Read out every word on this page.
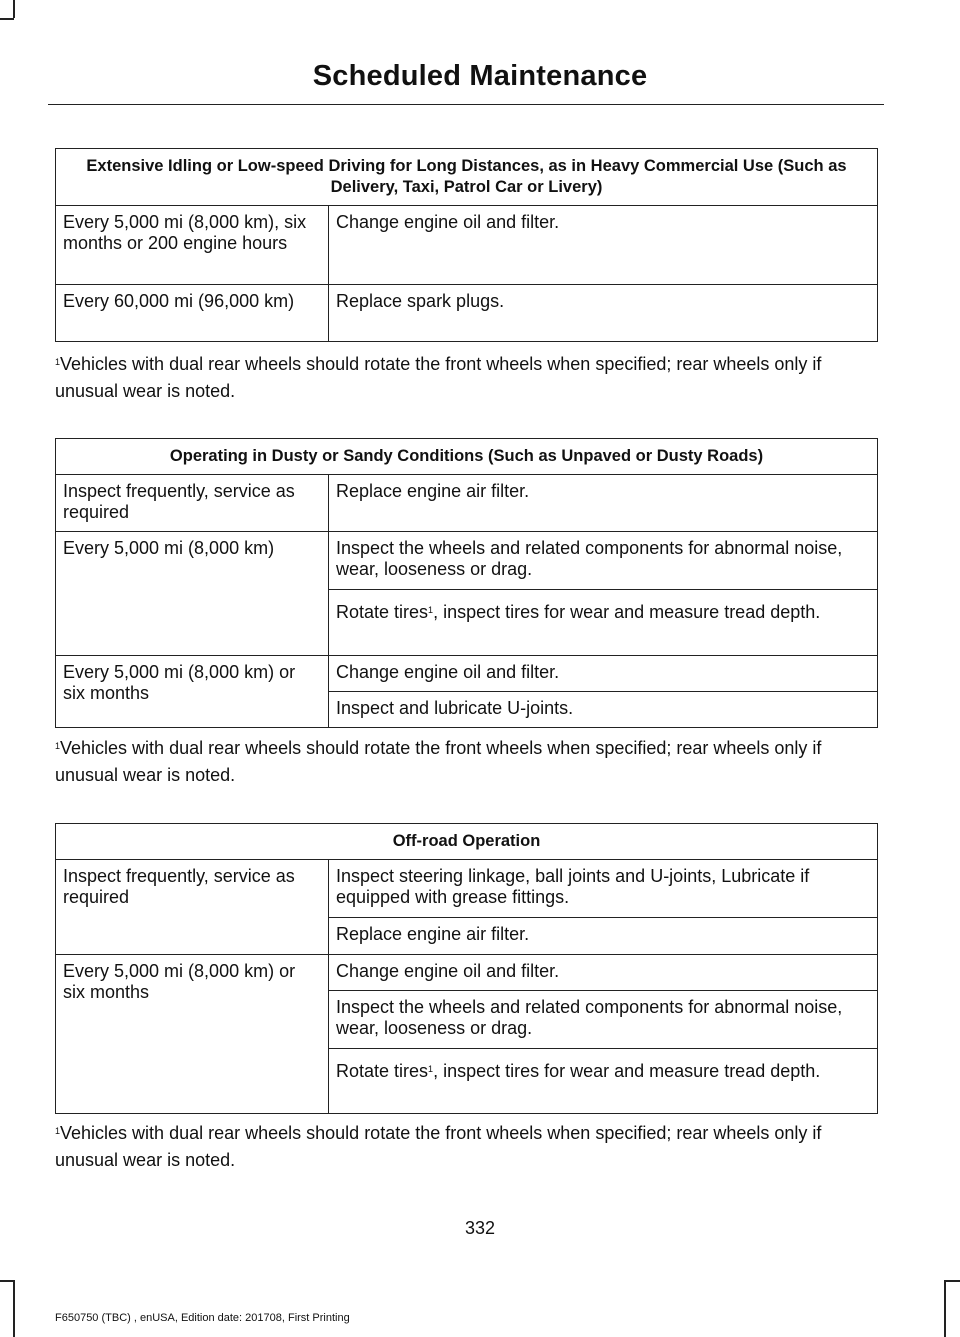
Scheduled Maintenance
Extensive Idling or Low-speed Driving for Long Distances, as in Heavy Commercial Use (Such as Delivery, Taxi, Patrol Car or Livery)	
Every 5,000 mi (8,000 km), six months or 200 engine hours	Change engine oil and filter.
Every 60,000 mi (96,000 km)	Replace spark plugs.
$^1$Vehicles with dual rear wheels should rotate the front wheels when specified; rear wheels only if unusual wear is noted.
Operating in Dusty or Sandy Conditions (Such as Unpaved or Dusty Roads)	
Inspect frequently, service as required	Replace engine air filter.
Every 5,000 mi (8,000 km)	Inspect the wheels and related components for abnormal noise, wear, looseness or drag.
	Rotate tires$^1$, inspect tires for wear and measure tread depth.
Every 5,000 mi (8,000 km) or six months	Change engine oil and filter.
	Inspect and lubricate U-joints.
$^1$Vehicles with dual rear wheels should rotate the front wheels when specified; rear wheels only if unusual wear is noted.
Off-road Operation	
Inspect frequently, service as required	Inspect steering linkage, ball joints and U-joints, Lubricate if equipped with grease fittings.
	Replace engine air filter.
Every 5,000 mi (8,000 km) or six months	Change engine oil and filter.
	Inspect the wheels and related components for abnormal noise, wear, looseness or drag.
	Rotate tires$^1$, inspect tires for wear and measure tread depth.
$^1$Vehicles with dual rear wheels should rotate the front wheels when specified; rear wheels only if unusual wear is noted.
332
F650750 (TBC) , enUSA, Edition date: 201708, First Printing
